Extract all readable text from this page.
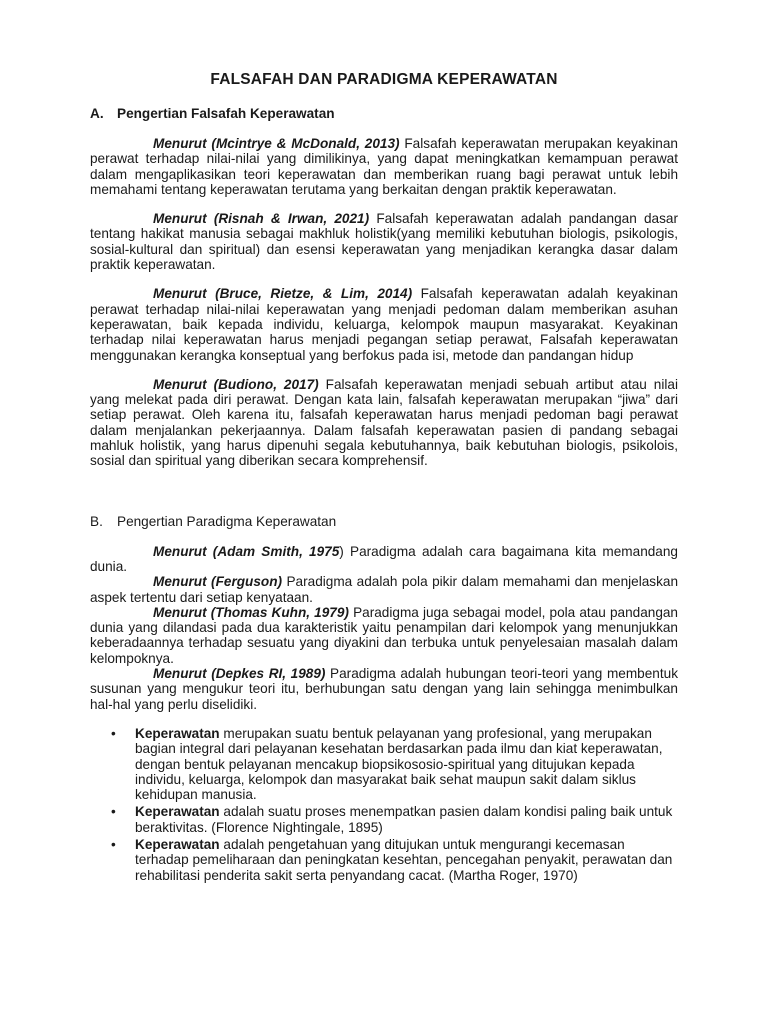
FALSAFAH DAN PARADIGMA KEPERAWATAN
A. Pengertian Falsafah Keperawatan

Menurut (Mcintrye & McDonald, 2013) Falsafah keperawatan merupakan keyakinan perawat terhadap nilai-nilai yang dimilikinya, yang dapat meningkatkan kemampuan perawat dalam mengaplikasikan teori keperawatan dan memberikan ruang bagi perawat untuk lebih memahami tentang keperawatan terutama yang berkaitan dengan praktik keperawatan.

Menurut (Risnah & Irwan, 2021) Falsafah keperawatan adalah pandangan dasar tentang hakikat manusia sebagai makhluk holistik(yang memiliki kebutuhan biologis, psikologis, sosial-kultural dan spiritual) dan esensi keperawatan yang menjadikan kerangka dasar dalam praktik keperawatan.

Menurut (Bruce, Rietze, & Lim, 2014) Falsafah keperawatan adalah keyakinan perawat terhadap nilai-nilai keperawatan yang menjadi pedoman dalam memberikan asuhan keperawatan, baik kepada individu, keluarga, kelompok maupun masyarakat. Keyakinan terhadap nilai keperawatan harus menjadi pegangan setiap perawat, Falsafah keperawatan menggunakan kerangka konseptual yang berfokus pada isi, metode dan pandangan hidup

Menurut (Budiono, 2017) Falsafah keperawatan menjadi sebuah artibut atau nilai yang melekat pada diri perawat. Dengan kata lain, falsafah keperawatan merupakan “jiwa” dari setiap perawat. Oleh karena itu, falsafah keperawatan harus menjadi pedoman bagi perawat dalam menjalankan pekerjaannya. Dalam falsafah keperawatan pasien di pandang sebagai mahluk holistik, yang harus dipenuhi segala kebutuhannya, baik kebutuhan biologis, psikolois, sosial dan spiritual yang diberikan secara komprehensif.

B.	Pengertian Paradigma Keperawatan

Menurut (Adam Smith, 1975) Paradigma adalah cara bagaimana kita memandang dunia.

Menurut (Ferguson) Paradigma adalah pola pikir dalam memahami dan menjelaskan aspek tertentu dari setiap kenyataan.

Menurut (Thomas Kuhn, 1979) Paradigma juga sebagai model, pola atau pandangan dunia yang dilandasi pada dua karakteristik yaitu penampilan dari kelompok yang menunjukkan keberadaannya terhadap sesuatu yang diyakini dan terbuka untuk penyelesaian masalah dalam kelompoknya.

Menurut (Depkes RI, 1989) Paradigma adalah hubungan teori-teori yang membentuk susunan yang mengukur teori itu, berhubungan satu dengan yang lain sehingga menimbulkan hal-hal yang perlu diselidiki.

• Keperawatan merupakan suatu bentuk pelayanan yang profesional, yang merupakan bagian integral dari pelayanan kesehatan berdasarkan pada ilmu dan kiat keperawatan, dengan bentuk pelayanan mencakup biopsikososio-spiritual yang ditujukan kepada individu, keluarga, kelompok dan masyarakat baik sehat maupun sakit dalam siklus kehidupan manusia.
• Keperawatan adalah suatu proses menempatkan pasien dalam kondisi paling baik untuk beraktivitas. (Florence Nightingale, 1895)
• Keperawatan adalah pengetahuan yang ditujukan untuk mengurangi kecemasan terhadap pemeliharaan dan peningkatan kesehtan, pencegahan penyakit, perawatan dan rehabilitasi penderita sakit serta penyandang cacat. (Martha Roger, 1970)
